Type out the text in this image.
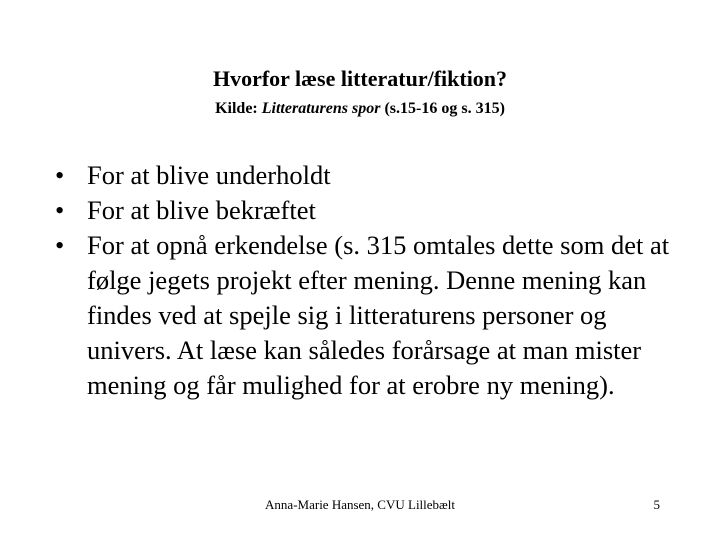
Hvorfor læse litteratur/fiktion?
Kilde: Litteraturens spor (s.15-16 og s. 315)
• For at blive underholdt
• For at blive bekræftet
• For at opnå erkendelse (s. 315 omtales dette som det at følge jegets projekt efter mening. Denne mening kan findes ved at spejle sig i litteraturens personer og univers. At læse kan således forårsage at man mister mening og får mulighed for at erobre ny mening).
Anna-Marie Hansen, CVU Lillebælt	5
